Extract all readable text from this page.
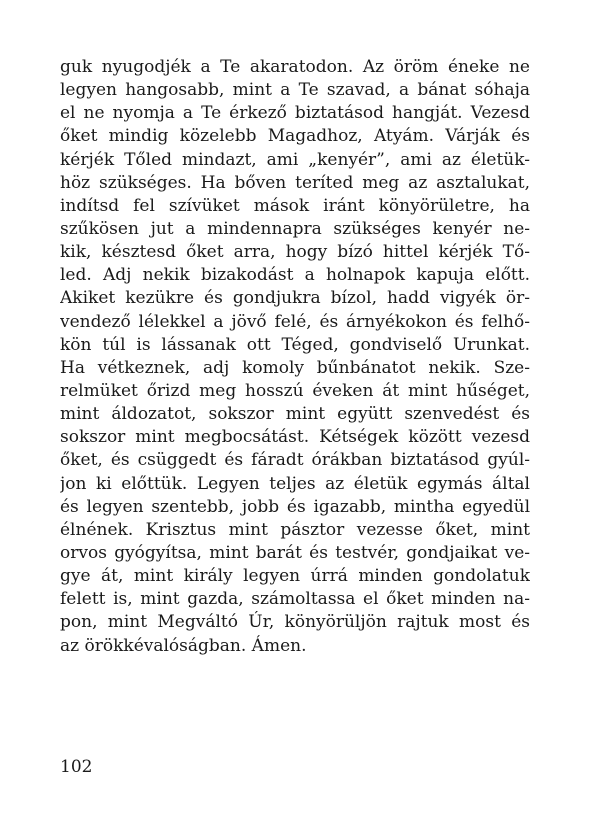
guk nyugodjék a Te akaratodon. Az öröm éneke ne
legyen hangosabb, mint a Te szavad, a bánat sóhaja
el ne nyomja a Te érkező biztatásod hangját. Vezesd
őket mindig közelebb Magadhoz, Atyám. Várják és
kérjék Tőled mindazt, ami „kenyér”, ami az életük-
höz szükséges. Ha bőven teríted meg az asztalukat,
indítsd fel szívüket mások iránt könyörületre, ha
szűkösen jut a mindennapra szükséges kenyér ne-
kik, késztesd őket arra, hogy bízó hittel kérjék Tő-
led. Adj nekik bizakodást a holnapok kapuja előtt.
Akiket kezükre és gondjukra bízol, hadd vigyék ör-
vendező lélekkel a jövő felé, és árnyékokon és felhő-
kön túl is lássanak ott Téged, gondviselő Urunkat.
Ha vétkeznek, adj komoly bűnbánatot nekik. Sze-
relmüket őrizd meg hosszú éveken át mint hűséget,
mint áldozatot, sokszor mint együtt szenvedést és
sokszor mint megbocsátást. Kétségek között vezesd
őket, és csüggedt és fáradt órákban biztatásod gyúl-
jon ki előttük. Legyen teljes az életük egymás által
és legyen szentebb, jobb és igazabb, mintha egyedül
élnének. Krisztus mint pásztor vezesse őket, mint
orvos gyógyítsa, mint barát és testvér, gondjaikat ve-
gye át, mint király legyen úrrá minden gondolatuk
felett is, mint gazda, számoltassa el őket minden na-
pon, mint Megváltó Úr, könyörüljön rajtuk most és
az örökkévalóságban. Ámen.
102
